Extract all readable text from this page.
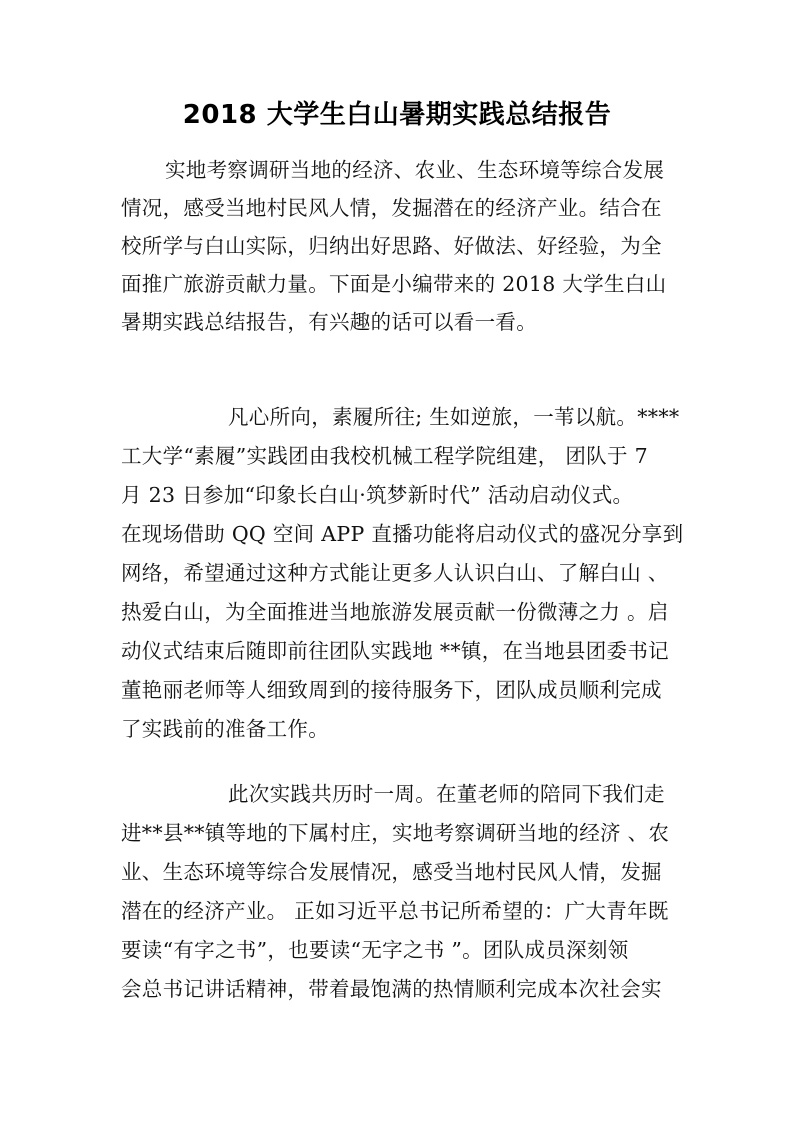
2018 大学生白山暑期实践总结报告
实地考察调研当地的经济、农业、生态环境等综合发展
情况，感受当地村民风人情，发掘潜在的经济产业。结合在
校所学与白山实际，归纳出好思路、好做法、好经验，为全
面推广旅游贡献力量。下面是小编带来的 2018 大学生白山
暑期实践总结报告，有兴趣的话可以看一看。
凡心所向，素履所往; 生如逆旅，一苇以航。****
工大学“素履”实践团由我校机械工程学院组建， 团队于 7
月 23 日参加“印象长白山·筑梦新时代” 活动启动仪式。
在现场借助 QQ 空间 APP 直播功能将启动仪式的盛况分享到
网络，希望通过这种方式能让更多人认识白山、了解白山 、
热爱白山，为全面推进当地旅游发展贡献一份微薄之力 。启
动仪式结束后随即前往团队实践地 **镇，在当地县团委书记
董艳丽老师等人细致周到的接待服务下，团队成员顺利完成
了实践前的准备工作。
此次实践共历时一周。在董老师的陪同下我们走
进**县**镇等地的下属村庄，实地考察调研当地的经济 、农
业、生态环境等综合发展情况，感受当地村民风人情，发掘
潜在的经济产业。 正如习近平总书记所希望的：广大青年既
要读“有字之书”，也要读“无字之书 ”。团队成员深刻领
会总书记讲话精神，带着最饱满的热情顺利完成本次社会实
